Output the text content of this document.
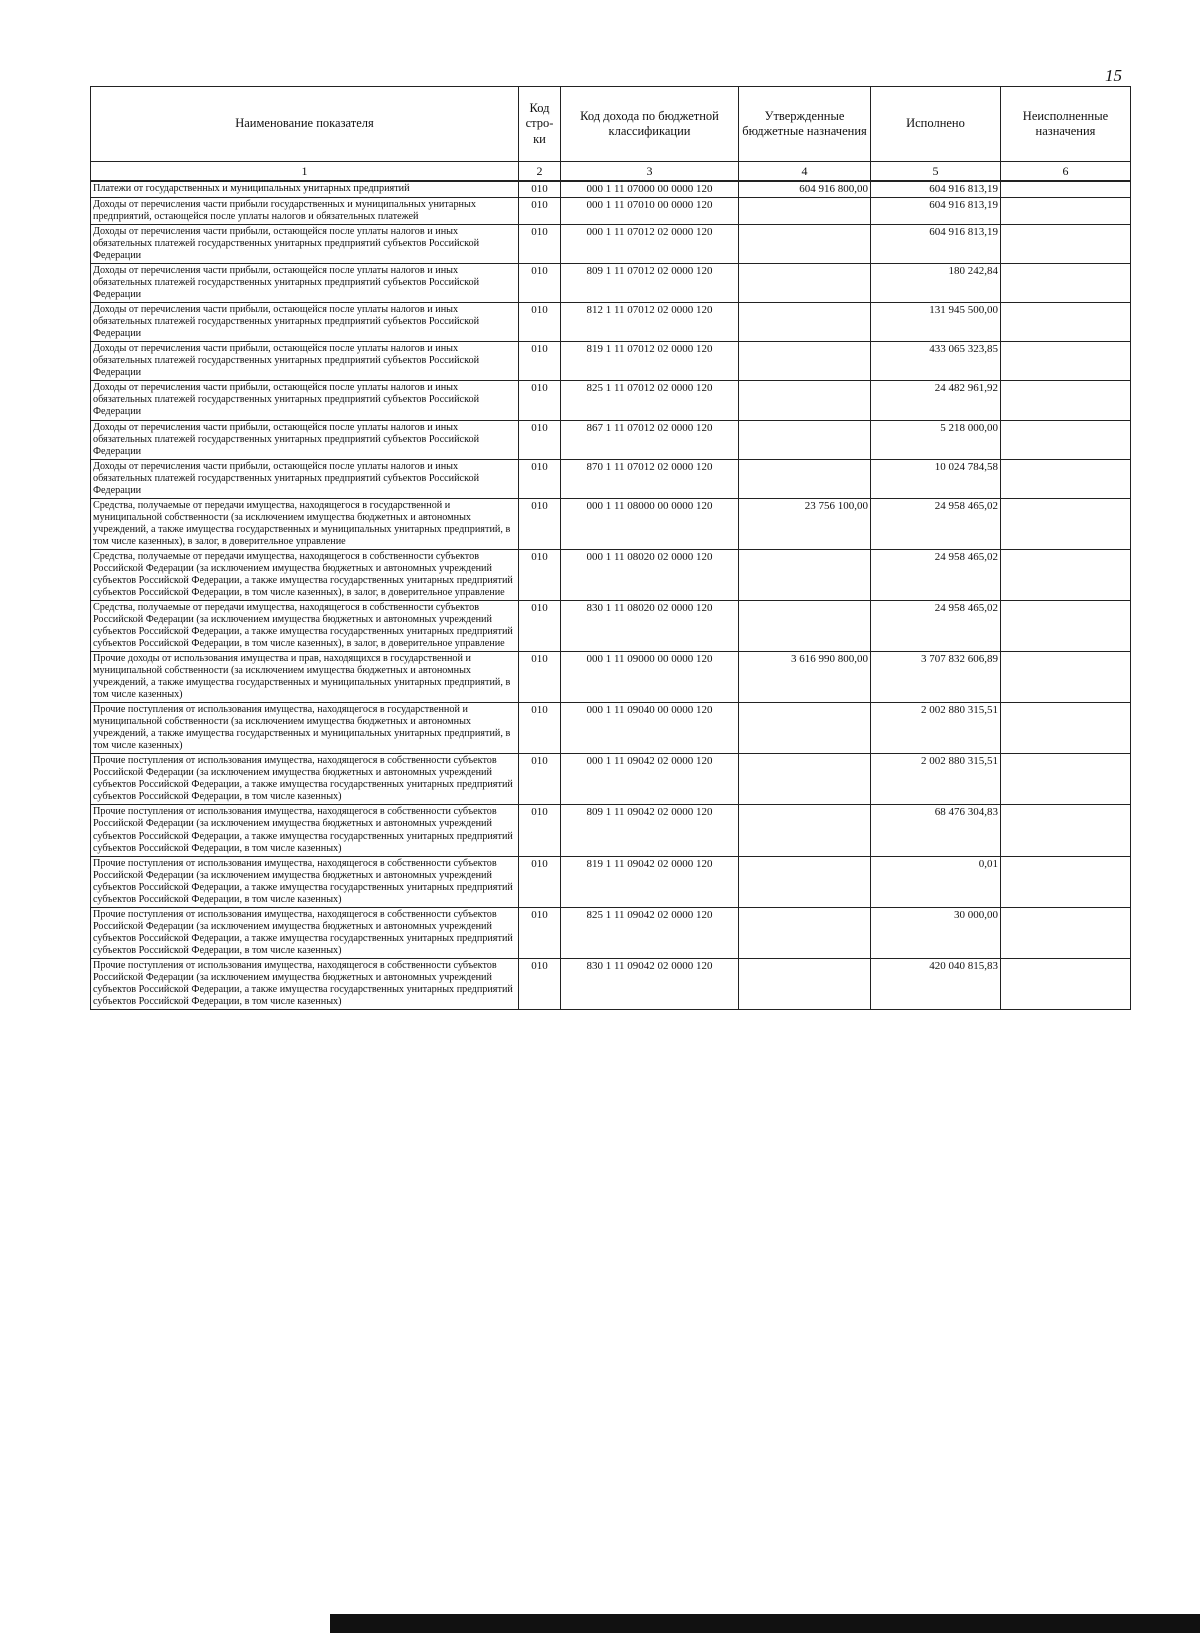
15
Наименование показателя	Код стро-ки	Код дохода по бюджетной классификации	Утвержденные бюджетные назначения	Исполнено	Неисполненные назначения
1	2	3	4	5	6
Платежи от государственных и муниципальных унитарных предприятий	010	000 1 11 07000 00 0000 120	604 916 800,00	604 916 813,19	
Доходы от перечисления части прибыли государственных и муниципальных унитарных предприятий, остающейся после уплаты налогов и обязательных платежей	010	000 1 11 07010 00 0000 120		604 916 813,19	
Доходы от перечисления части прибыли, остающейся после уплаты налогов и иных обязательных платежей государственных унитарных предприятий субъектов Российской Федерации	010	000 1 11 07012 02 0000 120		604 916 813,19	
Доходы от перечисления части прибыли, остающейся после уплаты налогов и иных обязательных платежей государственных унитарных предприятий субъектов Российской Федерации	010	809 1 11 07012 02 0000 120		180 242,84	
Доходы от перечисления части прибыли, остающейся после уплаты налогов и иных обязательных платежей государственных унитарных предприятий субъектов Российской Федерации	010	812 1 11 07012 02 0000 120		131 945 500,00	
Доходы от перечисления части прибыли, остающейся после уплаты налогов и иных обязательных платежей государственных унитарных предприятий субъектов Российской Федерации	010	819 1 11 07012 02 0000 120		433 065 323,85	
Доходы от перечисления части прибыли, остающейся после уплаты налогов и иных обязательных платежей государственных унитарных предприятий субъектов Российской Федерации	010	825 1 11 07012 02 0000 120		24 482 961,92	
Доходы от перечисления части прибыли, остающейся после уплаты налогов и иных обязательных платежей государственных унитарных предприятий субъектов Российской Федерации	010	867 1 11 07012 02 0000 120		5 218 000,00	
Доходы от перечисления части прибыли, остающейся после уплаты налогов и иных обязательных платежей государственных унитарных предприятий субъектов Российской Федерации	010	870 1 11 07012 02 0000 120		10 024 784,58	
Средства, получаемые от передачи имущества, находящегося в государственной и муниципальной собственности (за исключением имущества бюджетных и автономных учреждений, а также имущества государственных и муниципальных унитарных предприятий, в том числе казенных), в залог, в доверительное управление	010	000 1 11 08000 00 0000 120	23 756 100,00	24 958 465,02	
Средства, получаемые от передачи имущества, находящегося в собственности субъектов Российской Федерации (за исключением имущества бюджетных и автономных учреждений субъектов Российской Федерации, а также имущества государственных унитарных предприятий субъектов Российской Федерации, в том числе казенных), в залог, в доверительное управление	010	000 1 11 08020 02 0000 120		24 958 465,02	
Средства, получаемые от передачи имущества, находящегося в собственности субъектов Российской Федерации (за исключением имущества бюджетных и автономных учреждений субъектов Российской Федерации, а также имущества государственных унитарных предприятий субъектов Российской Федерации, в том числе казенных), в залог, в доверительное управление	010	830 1 11 08020 02 0000 120		24 958 465,02	
Прочие доходы от использования имущества и прав, находящихся в государственной и муниципальной собственности (за исключением имущества бюджетных и автономных учреждений, а также имущества государственных и муниципальных унитарных предприятий, в том числе казенных)	010	000 1 11 09000 00 0000 120	3 616 990 800,00	3 707 832 606,89	
Прочие поступления от использования имущества, находящегося в государственной и муниципальной собственности (за исключением имущества бюджетных и автономных учреждений, а также имущества государственных и муниципальных унитарных предприятий, в том числе казенных)	010	000 1 11 09040 00 0000 120		2 002 880 315,51	
Прочие поступления от использования имущества, находящегося в собственности субъектов Российской Федерации (за исключением имущества бюджетных и автономных учреждений субъектов Российской Федерации, а также имущества государственных унитарных предприятий субъектов Российской Федерации, в том числе казенных)	010	000 1 11 09042 02 0000 120		2 002 880 315,51	
Прочие поступления от использования имущества, находящегося в собственности субъектов Российской Федерации (за исключением имущества бюджетных и автономных учреждений субъектов Российской Федерации, а также имущества государственных унитарных предприятий субъектов Российской Федерации, в том числе казенных)	010	809 1 11 09042 02 0000 120		68 476 304,83	
Прочие поступления от использования имущества, находящегося в собственности субъектов Российской Федерации (за исключением имущества бюджетных и автономных учреждений субъектов Российской Федерации, а также имущества государственных унитарных предприятий субъектов Российской Федерации, в том числе казенных)	010	819 1 11 09042 02 0000 120		0,01	
Прочие поступления от использования имущества, находящегося в собственности субъектов Российской Федерации (за исключением имущества бюджетных и автономных учреждений субъектов Российской Федерации, а также имущества государственных унитарных предприятий субъектов Российской Федерации, в том числе казенных)	010	825 1 11 09042 02 0000 120		30 000,00	
Прочие поступления от использования имущества, находящегося в собственности субъектов Российской Федерации (за исключением имущества бюджетных и автономных учреждений субъектов Российской Федерации, а также имущества государственных унитарных предприятий субъектов Российской Федерации, в том числе казенных)	010	830 1 11 09042 02 0000 120		420 040 815,83	
